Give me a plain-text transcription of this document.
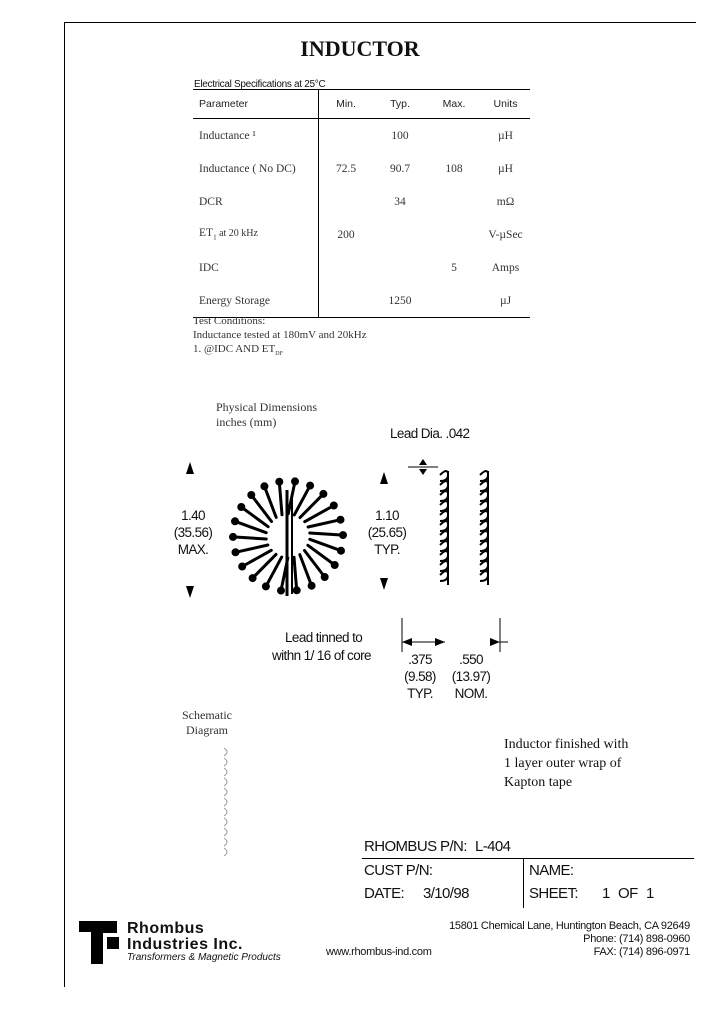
INDUCTOR
Electrical Specifications at 25°C
Parameter	Min.	Typ.	Max.	Units
Inductance ¹		100		µH
Inductance ( No DC)	72.5	90.7	108	µH
DCR		34		mΩ
$ET_1$ at 20 kHz	200			V-µSec
IDC			5	Amps
Energy Storage		1250		µJ
Test Conditions:
Inductance tested at 180mV and 20kHz
1. @IDC AND $ET_{DF}$
Physical Dimensions
inches (mm)
Lead Dia. .042
1.40
(35.56)
MAX.
1.10
(25.65)
TYP.
Lead tinned to
withn 1/ 16 of core	.375
(9.58)
TYP.
.550
(13.97)
NOM.
Schematic
Diagram
Inductor finished with
1 layer outer wrap of
Kapton tape
RHOMBUS P/N: L-404
CUST P/N:	NAME:
DATE: 3/10/98	SHEET: 1 OF 1
Rhombus
Industries Inc.
Transformers & Magnetic Products	www.rhombus-ind.com
15801 Chemical Lane, Huntington Beach, CA 92649
Phone: (714) 898-0960
FAX: (714) 896-0971
